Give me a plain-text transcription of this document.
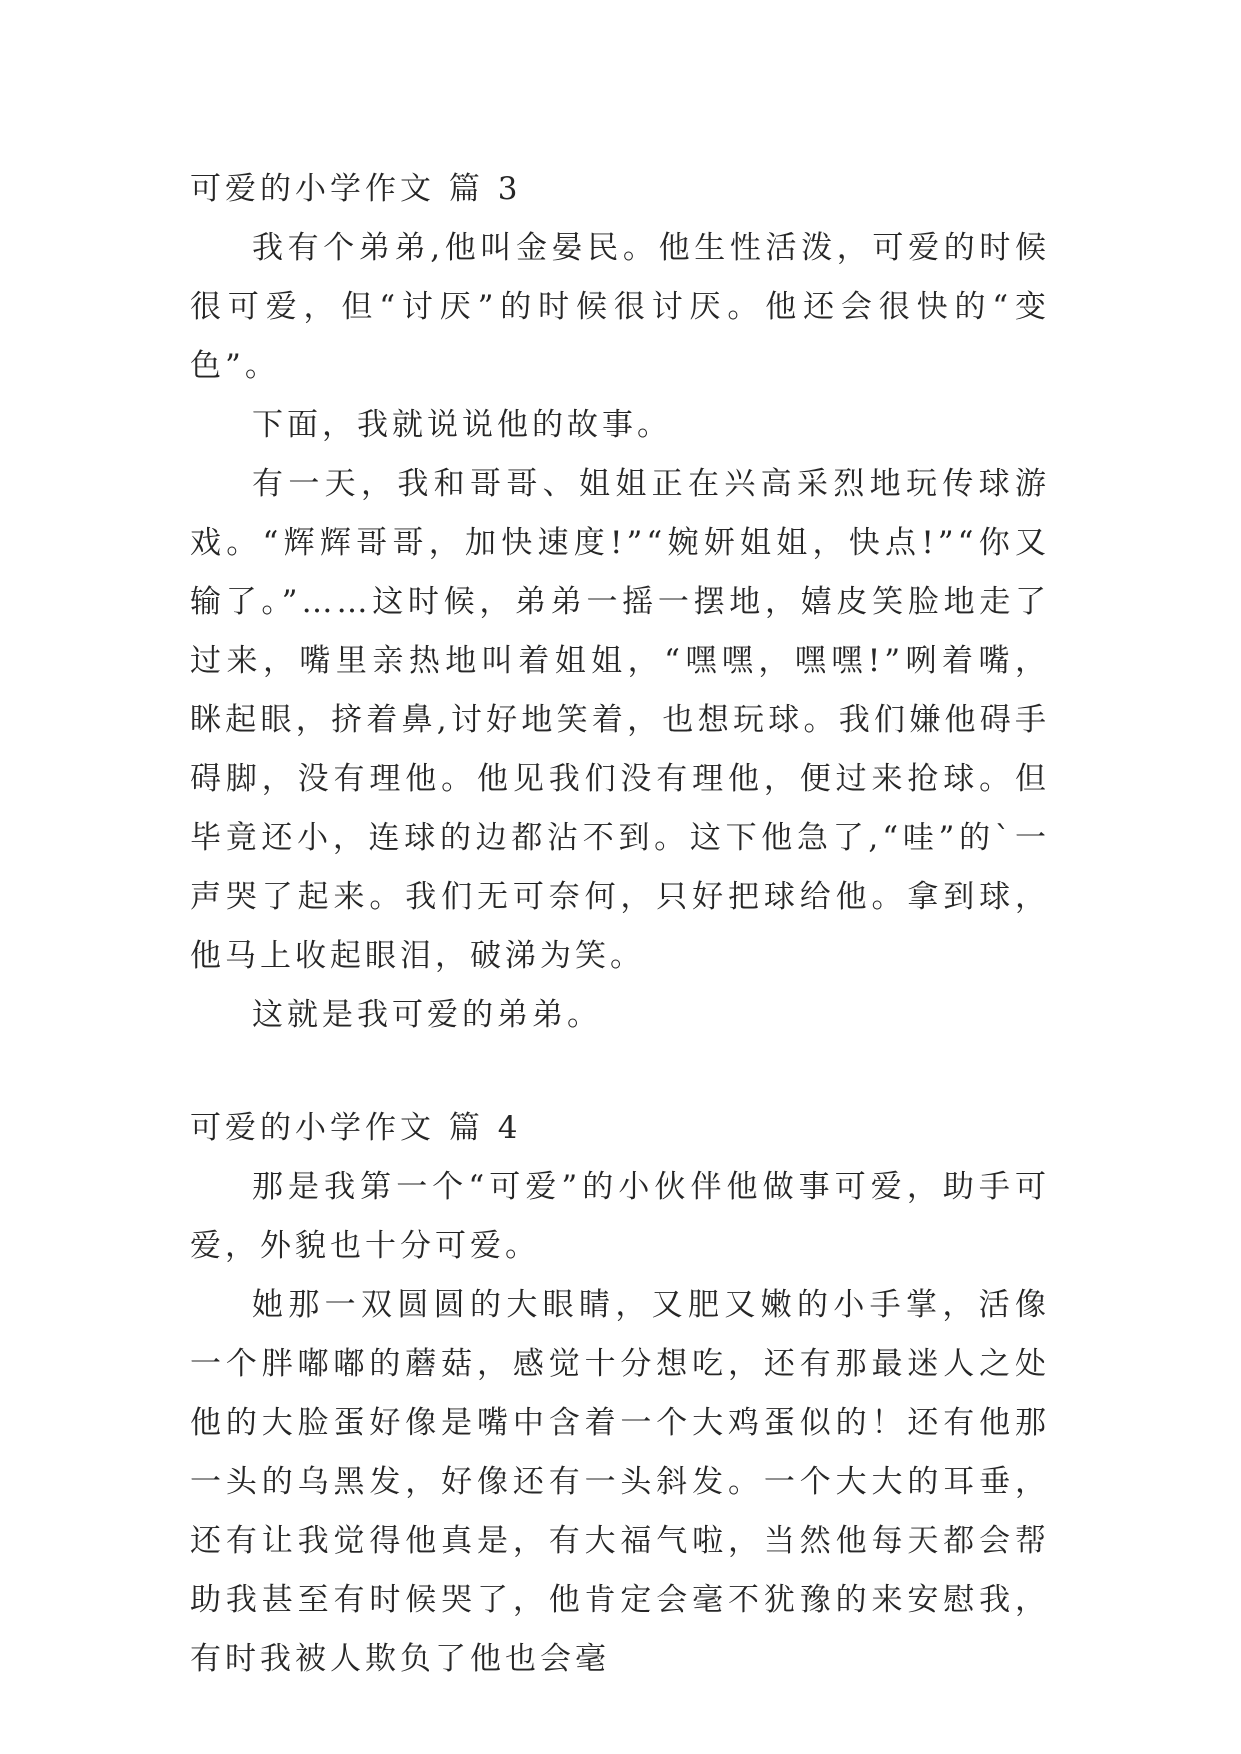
可爱的小学作文 篇 3

我有个弟弟,他叫金晏民。他生性活泼，可爱的时候很可爱，但“讨厌”的时候很讨厌。他还会很快的“变色”。

下面，我就说说他的故事。

有一天，我和哥哥、姐姐正在兴高采烈地玩传球游戏。“辉辉哥哥，加快速度!”“婉妍姐姐，快点!”“你又输了。”……这时候，弟弟一摇一摆地，嬉皮笑脸地走了过来，嘴里亲热地叫着姐姐，“嘿嘿，嘿嘿!”咧着嘴，眯起眼，挤着鼻,讨好地笑着，也想玩球。我们嫌他碍手碍脚，没有理他。他见我们没有理他，便过来抢球。但毕竟还小，连球的边都沾不到。这下他急了,“哇”的`一声哭了起来。我们无可奈何，只好把球给他。拿到球，他马上收起眼泪，破涕为笑。

这就是我可爱的弟弟。

可爱的小学作文 篇 4

那是我第一个“可爱”的小伙伴他做事可爱，助手可爱，外貌也十分可爱。

她那一双圆圆的大眼睛，又肥又嫩的小手掌，活像一个胖嘟嘟的蘑菇，感觉十分想吃，还有那最迷人之处他的大脸蛋好像是嘴中含着一个大鸡蛋似的！还有他那一头的乌黑发，好像还有一头斜发。一个大大的耳垂，还有让我觉得他真是，有大福气啦，当然他每天都会帮助我甚至有时候哭了，他肯定会毫不犹豫的来安慰我，有时我被人欺负了他也会毫
